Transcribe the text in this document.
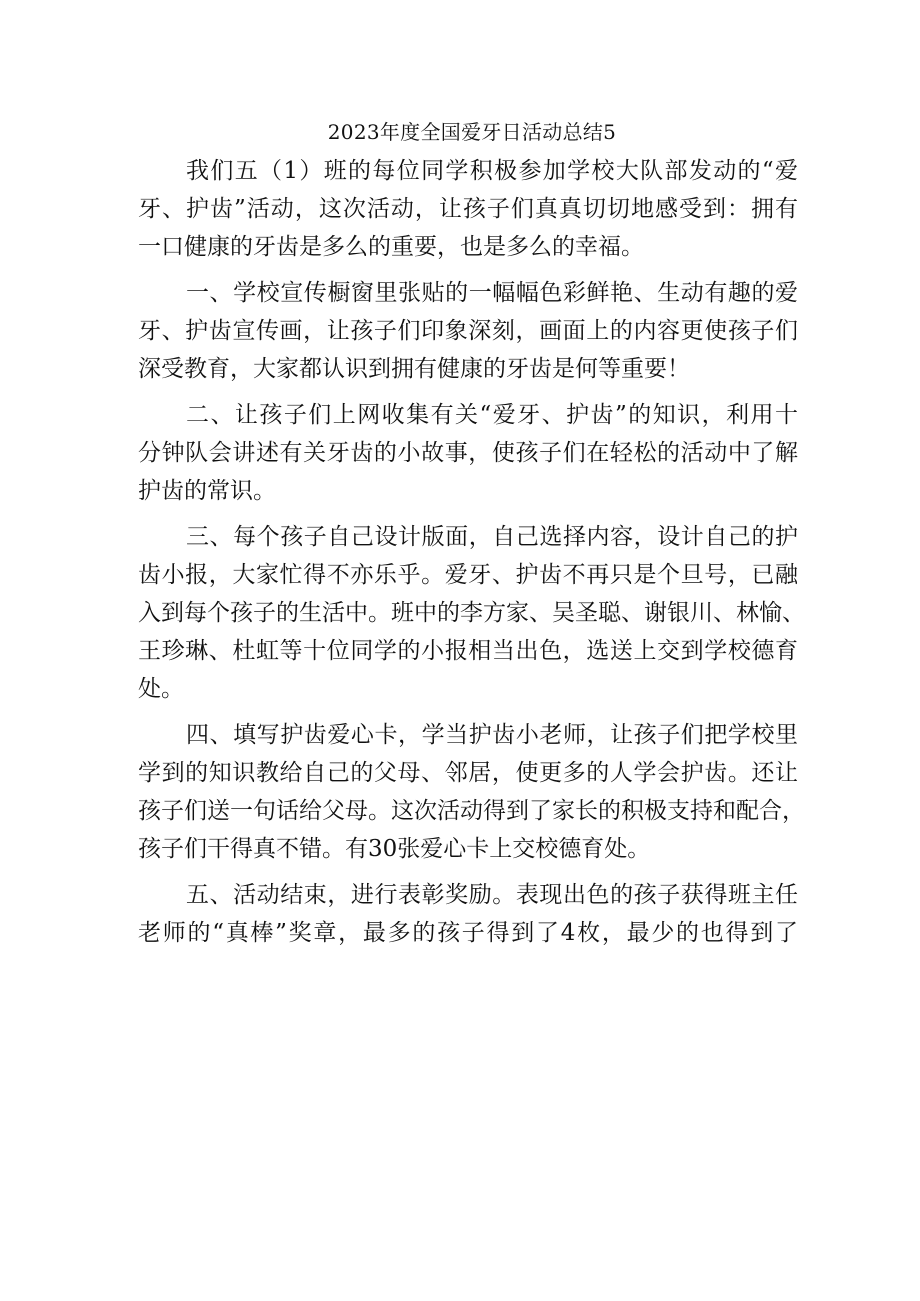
2023年度全国爱牙日活动总结5
我们五（1）班的每位同学积极参加学校大队部发动的“爱
牙、护齿”活动，这次活动，让孩子们真真切切地感受到：拥有
一口健康的牙齿是多么的重要，也是多么的幸福。
一、学校宣传橱窗里张贴的一幅幅色彩鲜艳、生动有趣的爱
牙、护齿宣传画，让孩子们印象深刻，画面上的内容更使孩子们
深受教育，大家都认识到拥有健康的牙齿是何等重要！
二、让孩子们上网收集有关“爱牙、护齿”的知识，利用十
分钟队会讲述有关牙齿的小故事，使孩子们在轻松的活动中了解
护齿的常识。
三、每个孩子自己设计版面，自己选择内容，设计自己的护
齿小报，大家忙得不亦乐乎。爱牙、护齿不再只是个旦号，已融
入到每个孩子的生活中。班中的李方家、吴圣聪、谢银川、林愉、
王珍琳、杜虹等十位同学的小报相当出色，选送上交到学校德育
处。
四、填写护齿爱心卡，学当护齿小老师，让孩子们把学校里
学到的知识教给自己的父母、邻居，使更多的人学会护齿。还让
孩子们送一句话给父母。这次活动得到了家长的积极支持和配合，
孩子们干得真不错。有30张爱心卡上交校德育处。
五、活动结束，进行表彰奖励。表现出色的孩子获得班主任
老师的“真棒”奖章，最多的孩子得到了4枚，最少的也得到了
